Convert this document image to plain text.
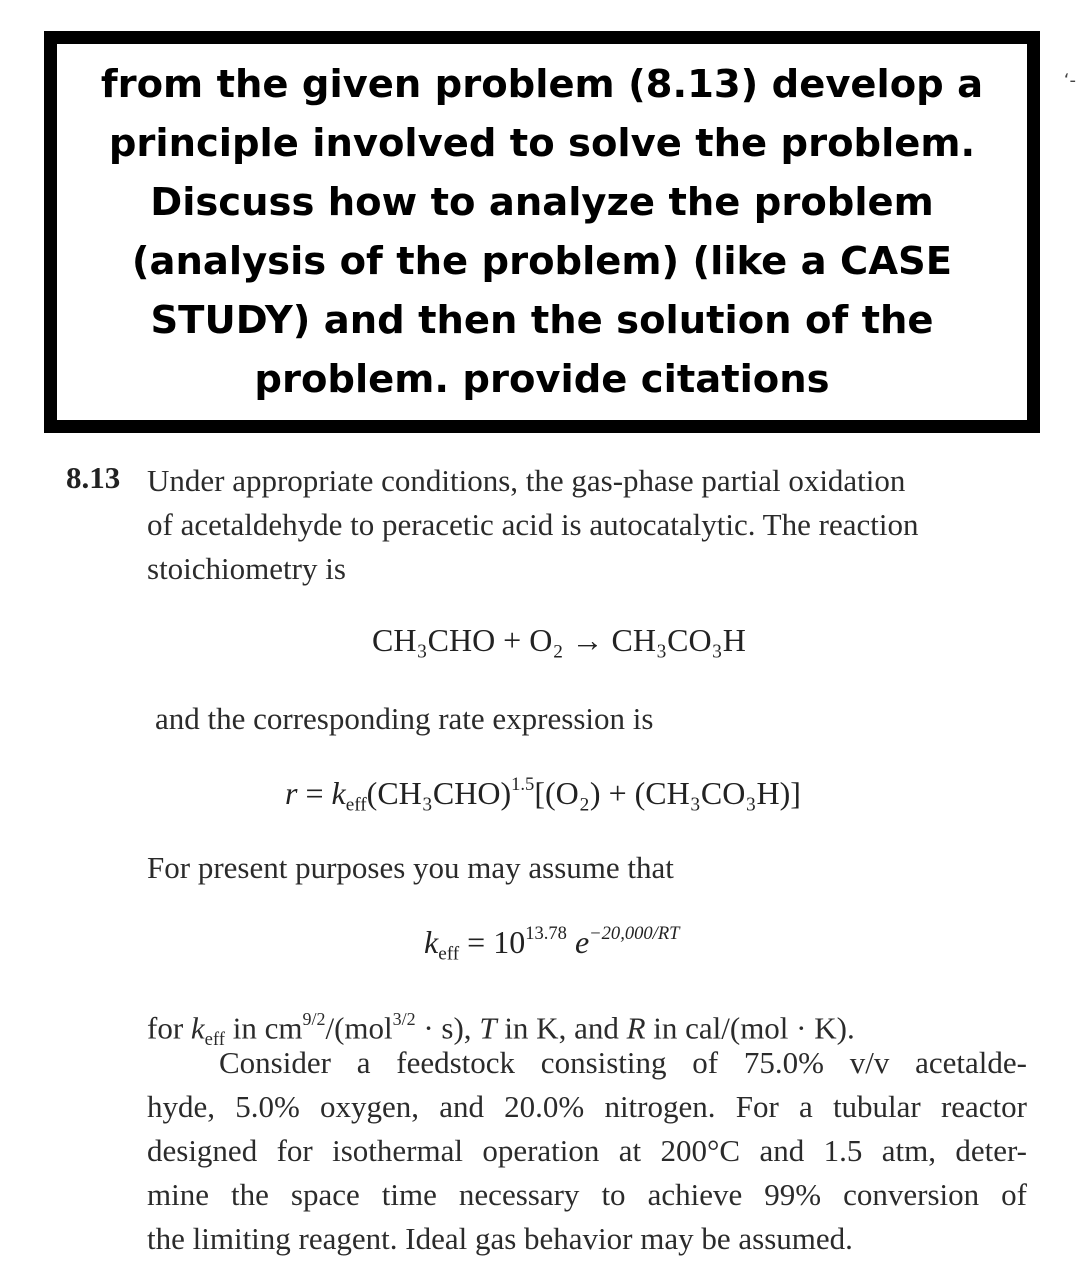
from the given problem (8.13) develop a
principle involved to solve the problem.
Discuss how to analyze the problem
(analysis of the problem) (like a CASE
STUDY) and then the solution of the
problem. provide citations

ʻ-
8.13 Under appropriate conditions, the gas-phase partial oxidation
of acetaldehyde to peracetic acid is autocatalytic. The reaction
stoichiometry is

CH₃CHO + O₂ → CH₃CO₃H

and the corresponding rate expression is

$r = k_{eff}(CH_3CHO)^{1.5}[(O_2) + (CH_3CO_3H)]$

For present purposes you may assume that

$k_{eff} = 10^{13.78}$ $e^{-20,000/RT}$

for $k_{eff}$ in $cm^{9/2}/(mol^{3/2} \cdot s)$, T in K, and R in cal/(mol · K).

Consider a feedstock consisting of 75.0% v/v acetalde-
hyde, 5.0% oxygen, and 20.0% nitrogen. For a tubular reactor
designed for isothermal operation at 200°C and 1.5 atm, deter-
mine the space time necessary to achieve 99% conversion of
the limiting reagent. Ideal gas behavior may be assumed.
